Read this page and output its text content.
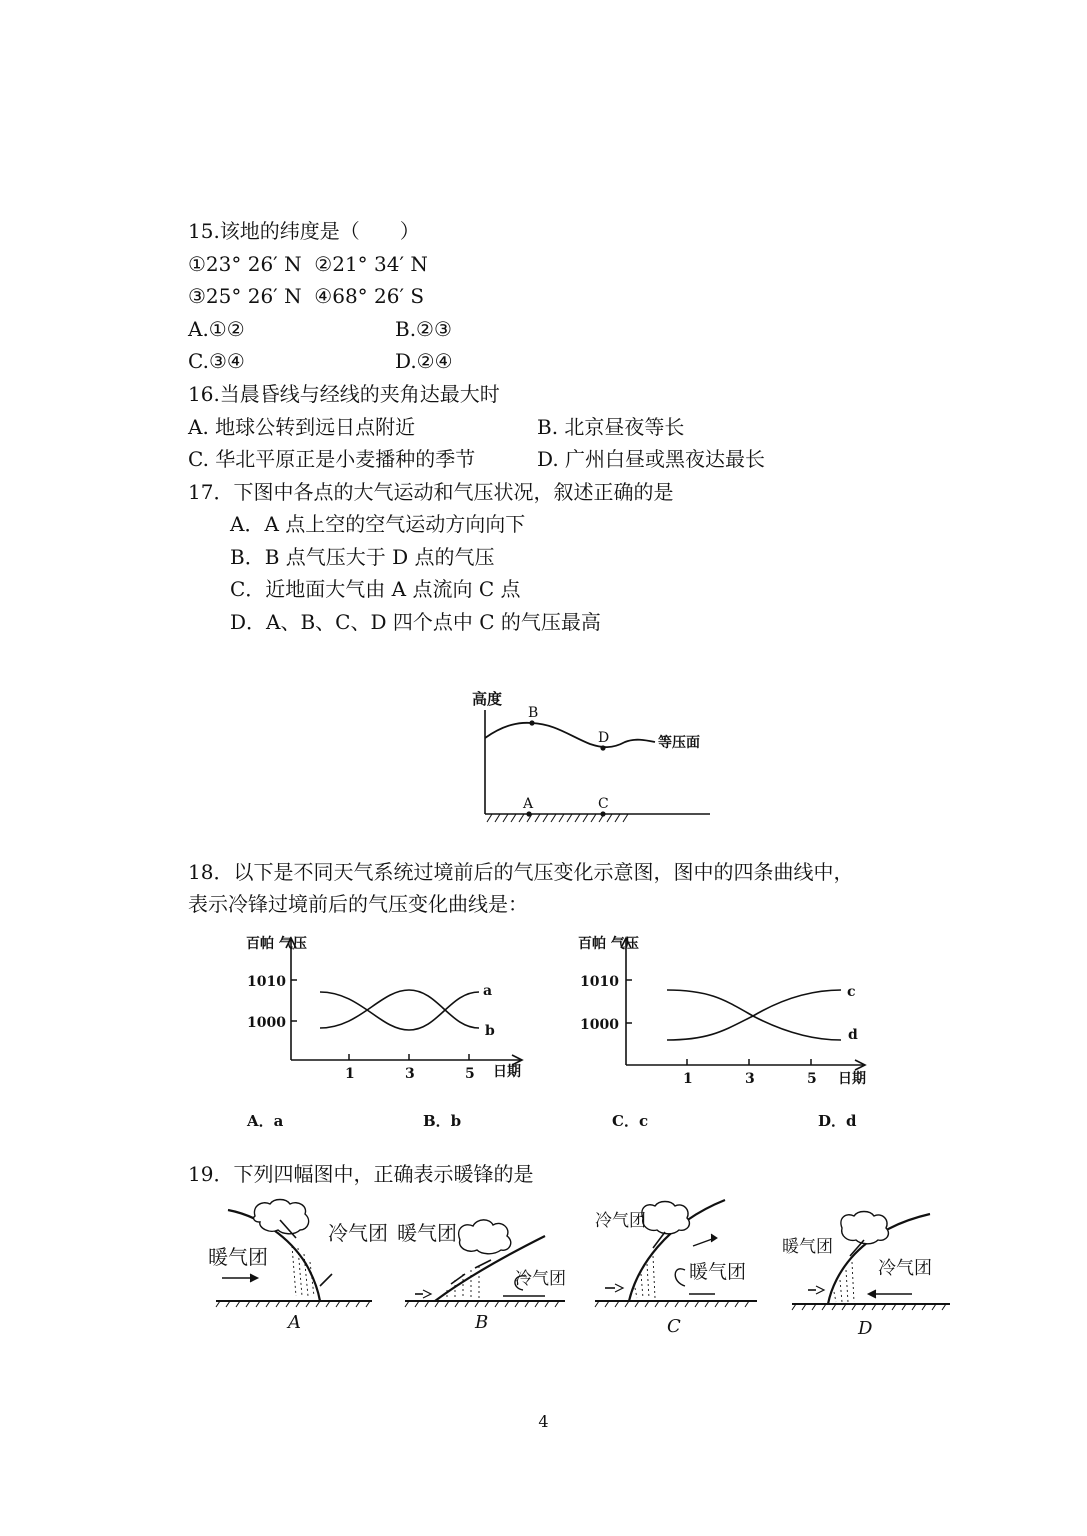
15.该地的纬度是（　　）
①23° 26′ N  ②21° 34′ N
③25° 26′ N  ④68° 26′ S
A.①②	B.②③
C.③④	D.②④
16.当晨昏线与经线的夹角达最大时
A. 地球公转到远日点附近	B. 北京昼夜等长
C. 华北平原正是小麦播种的季节	D. 广州白昼或黑夜达最长
17．下图中各点的大气运动和气压状况，叙述正确的是
A．A 点上空的空气运动方向向下
B．B 点气压大于 D 点的气压
C．近地面大气由 A 点流向 C 点
D．A、B、C、D 四个点中 C 的气压最高
高度
B
D
A	C
等压面
18．以下是不同天气系统过境前后的气压变化示意图，图中的四条曲线中，
表示冷锋过境前后的气压变化曲线是：
百帕 气压
1010
1000
1	3	5 日期
a
b
百帕 气压
1010
1000
1	3	5 日期
c
d
A．a	B．b	C．c	D．d
19．下列四幅图中，正确表示暖锋的是
暖气团
冷气团
A
暖气团
冷气团
B
冷气团
暖气团
C
暖气团
冷气团
D
4
